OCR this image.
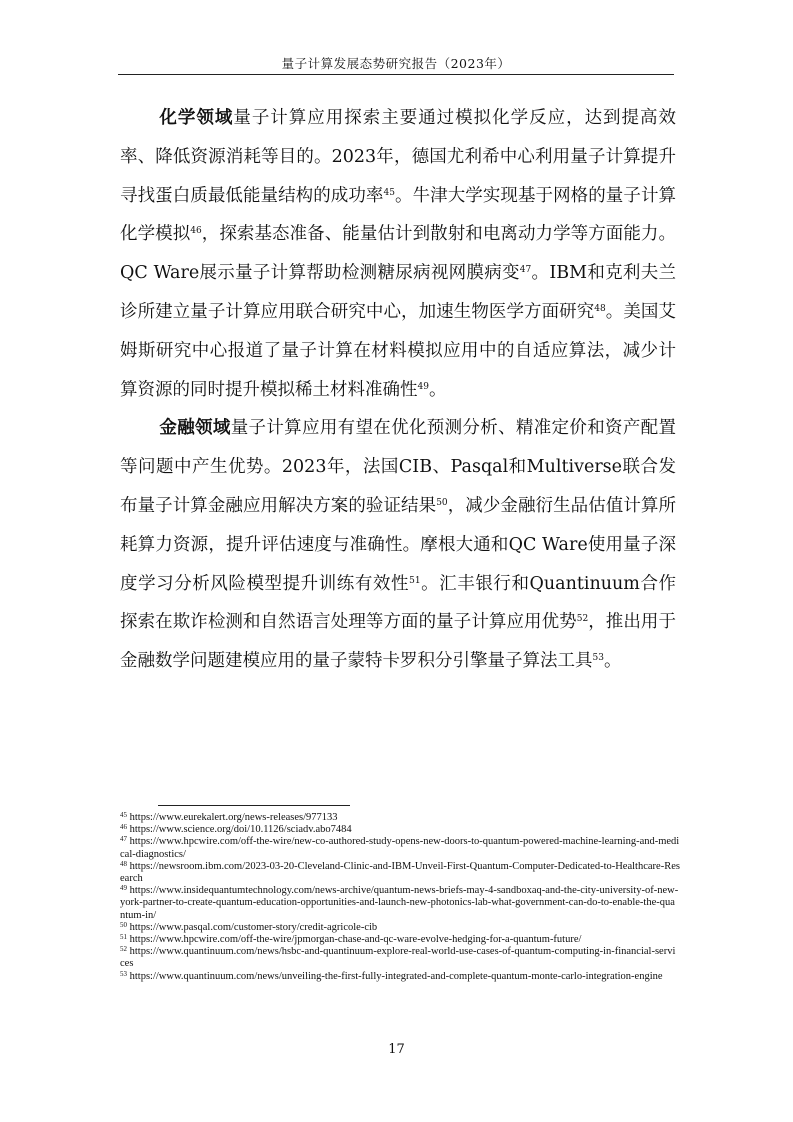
量子计算发展态势研究报告（2023年）

化学领域量子计算应用探索主要通过模拟化学反应，达到提高效率、降低资源消耗等目的。2023年，德国尤利希中心利用量子计算提升寻找蛋白质最低能量结构的成功率$^{45}$。牛津大学实现基于网格的量子计算化学模拟$^{46}$，探索基态准备、能量估计到散射和电离动力学等方面能力。QC Ware展示量子计算帮助检测糖尿病视网膜病变$^{47}$。IBM和克利夫兰诊所建立量子计算应用联合研究中心，加速生物医学方面研究$^{48}$。美国艾姆斯研究中心报道了量子计算在材料模拟应用中的自适应算法，减少计算资源的同时提升模拟稀土材料准确性$^{49}$。

金融领域量子计算应用有望在优化预测分析、精准定价和资产配置等问题中产生优势。2023年，法国CIB、Pasqal和Multiverse联合发布量子计算金融应用解决方案的验证结果$^{50}$，减少金融衍生品估值计算所耗算力资源，提升评估速度与准确性。摩根大通和QC Ware使用量子深度学习分析风险模型提升训练有效性$^{51}$。汇丰银行和Quantinuum合作探索在欺诈检测和自然语言处理等方面的量子计算应用优势$^{52}$，推出用于金融数学问题建模应用的量子蒙特卡罗积分引擎量子算法工具$^{53}$。

$^{45}$ https://www.eurekalert.org/news-releases/977133

$^{46}$ https://www.science.org/doi/10.1126/sciadv.abo7484

$^{47}$ https://www.hpcwire.com/off-the-wire/new-co-authored-study-opens-new-doors-to-quantum-powered-machine-learning-and-medical-diagnostics/

$^{48}$ https://newsroom.ibm.com/2023-03-20-Cleveland-Clinic-and-IBM-Unveil-First-Quantum-Computer-Dedicated-to-Healthcare-Research

$^{49}$ https://www.insidequantumtechnology.com/news-archive/quantum-news-briefs-may-4-sandboxaq-and-the-city-university-of-new-york-partner-to-create-quantum-education-opportunities-and-launch-new-photonics-lab-what-government-can-do-to-enable-the-quantum-in/

$^{50}$ https://www.pasqal.com/customer-story/credit-agricole-cib

$^{51}$ https://www.hpcwire.com/off-the-wire/jpmorgan-chase-and-qc-ware-evolve-hedging-for-a-quantum-future/

$^{52}$ https://www.quantinuum.com/news/hsbc-and-quantinuum-explore-real-world-use-cases-of-quantum-computing-in-financial-services

$^{53}$ https://www.quantinuum.com/news/unveiling-the-first-fully-integrated-and-complete-quantum-monte-carlo-integration-engine

17
